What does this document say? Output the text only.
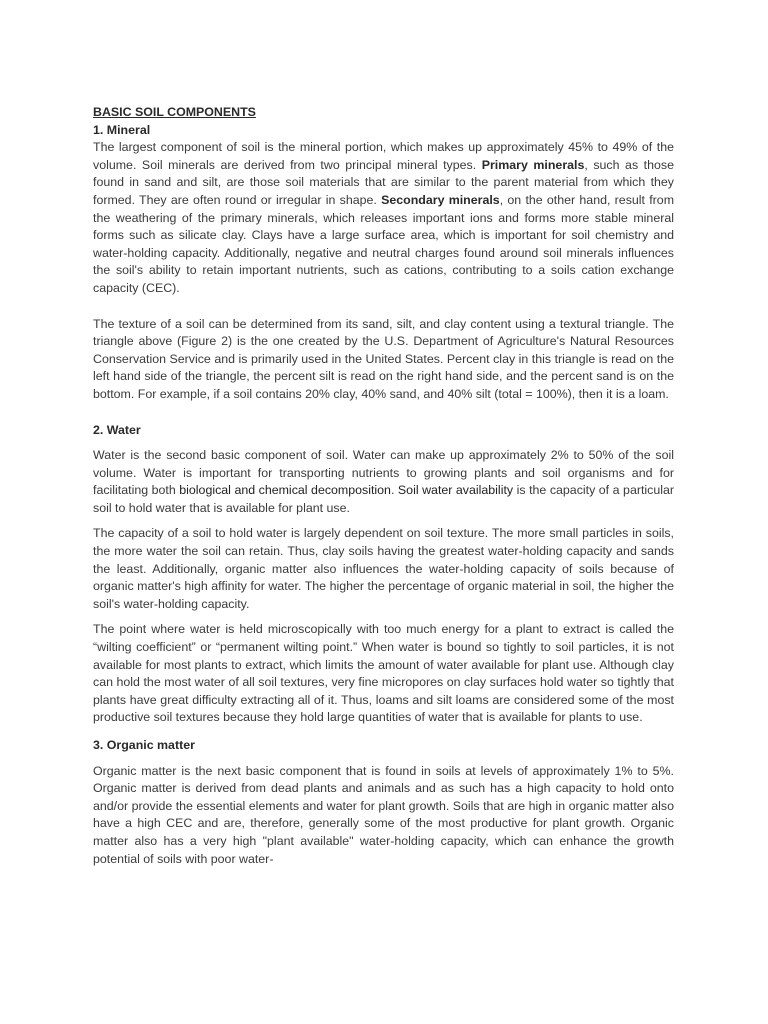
BASIC SOIL COMPONENTS
1. Mineral

The largest component of soil is the mineral portion, which makes up approximately 45% to 49% of the volume. Soil minerals are derived from two principal mineral types. Primary minerals, such as those found in sand and silt, are those soil materials that are similar to the parent material from which they formed. They are often round or irregular in shape. Secondary minerals, on the other hand, result from the weathering of the primary minerals, which releases important ions and forms more stable mineral forms such as silicate clay. Clays have a large surface area, which is important for soil chemistry and water-holding capacity. Additionally, negative and neutral charges found around soil minerals influences the soil's ability to retain important nutrients, such as cations, contributing to a soils cation exchange capacity (CEC).

The texture of a soil can be determined from its sand, silt, and clay content using a textural triangle. The triangle above (Figure 2) is the one created by the U.S. Department of Agriculture's Natural Resources Conservation Service and is primarily used in the United States. Percent clay in this triangle is read on the left hand side of the triangle, the percent silt is read on the right hand side, and the percent sand is on the bottom. For example, if a soil contains 20% clay, 40% sand, and 40% silt (total = 100%), then it is a loam.

2. Water

Water is the second basic component of soil. Water can make up approximately 2% to 50% of the soil volume. Water is important for transporting nutrients to growing plants and soil organisms and for facilitating both biological and chemical decomposition. Soil water availability is the capacity of a particular soil to hold water that is available for plant use.

The capacity of a soil to hold water is largely dependent on soil texture. The more small particles in soils, the more water the soil can retain. Thus, clay soils having the greatest water-holding capacity and sands the least. Additionally, organic matter also influences the water-holding capacity of soils because of organic matter's high affinity for water. The higher the percentage of organic material in soil, the higher the soil's water-holding capacity.

The point where water is held microscopically with too much energy for a plant to extract is called the “wilting coefficient” or “permanent wilting point.” When water is bound so tightly to soil particles, it is not available for most plants to extract, which limits the amount of water available for plant use. Although clay can hold the most water of all soil textures, very fine micropores on clay surfaces hold water so tightly that plants have great difficulty extracting all of it. Thus, loams and silt loams are considered some of the most productive soil textures because they hold large quantities of water that is available for plants to use.

3. Organic matter

Organic matter is the next basic component that is found in soils at levels of approximately 1% to 5%. Organic matter is derived from dead plants and animals and as such has a high capacity to hold onto and/or provide the essential elements and water for plant growth. Soils that are high in organic matter also have a high CEC and are, therefore, generally some of the most productive for plant growth. Organic matter also has a very high "plant available" water-holding capacity, which can enhance the growth potential of soils with poor water-
